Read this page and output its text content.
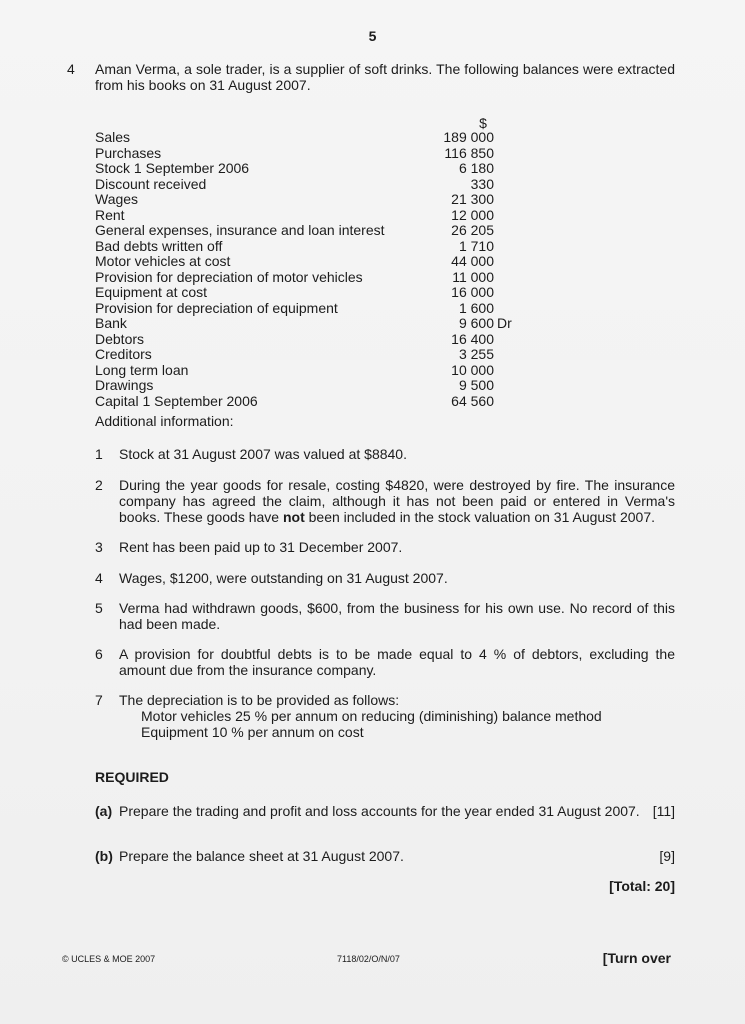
5
4 Aman Verma, a sole trader, is a supplier of soft drinks. The following balances were extracted from his books on 31 August 2007.
$
Sales	189 000
Purchases	116 850
Stock 1 September 2006	6 180
Discount received	330
Wages	21 300
Rent	12 000
General expenses, insurance and loan interest	26 205
Bad debts written off	1 710
Motor vehicles at cost	44 000
Provision for depreciation of motor vehicles	11 000
Equipment at cost	16 000
Provision for depreciation of equipment	1 600
Bank	9 600 Dr
Debtors	16 400
Creditors	3 255
Long term loan	10 000
Drawings	9 500
Capital 1 September 2006	64 560
Additional information:
1 Stock at 31 August 2007 was valued at $8840.
2 During the year goods for resale, costing $4820, were destroyed by fire. The insurance company has agreed the claim, although it has not been paid or entered in Verma's books. These goods have not been included in the stock valuation on 31 August 2007.
3 Rent has been paid up to 31 December 2007.
4 Wages, $1200, were outstanding on 31 August 2007.
5 Verma had withdrawn goods, $600, from the business for his own use. No record of this had been made.
6 A provision for doubtful debts is to be made equal to 4 % of debtors, excluding the amount due from the insurance company.
7 The depreciation is to be provided as follows:
Motor vehicles 25 % per annum on reducing (diminishing) balance method
Equipment 10 % per annum on cost
REQUIRED
(a) Prepare the trading and profit and loss accounts for the year ended 31 August 2007. [11]
(b) Prepare the balance sheet at 31 August 2007.	[9]
[Total: 20]
© UCLES & MOE 2007	7118/02/O/N/07	[Turn over
